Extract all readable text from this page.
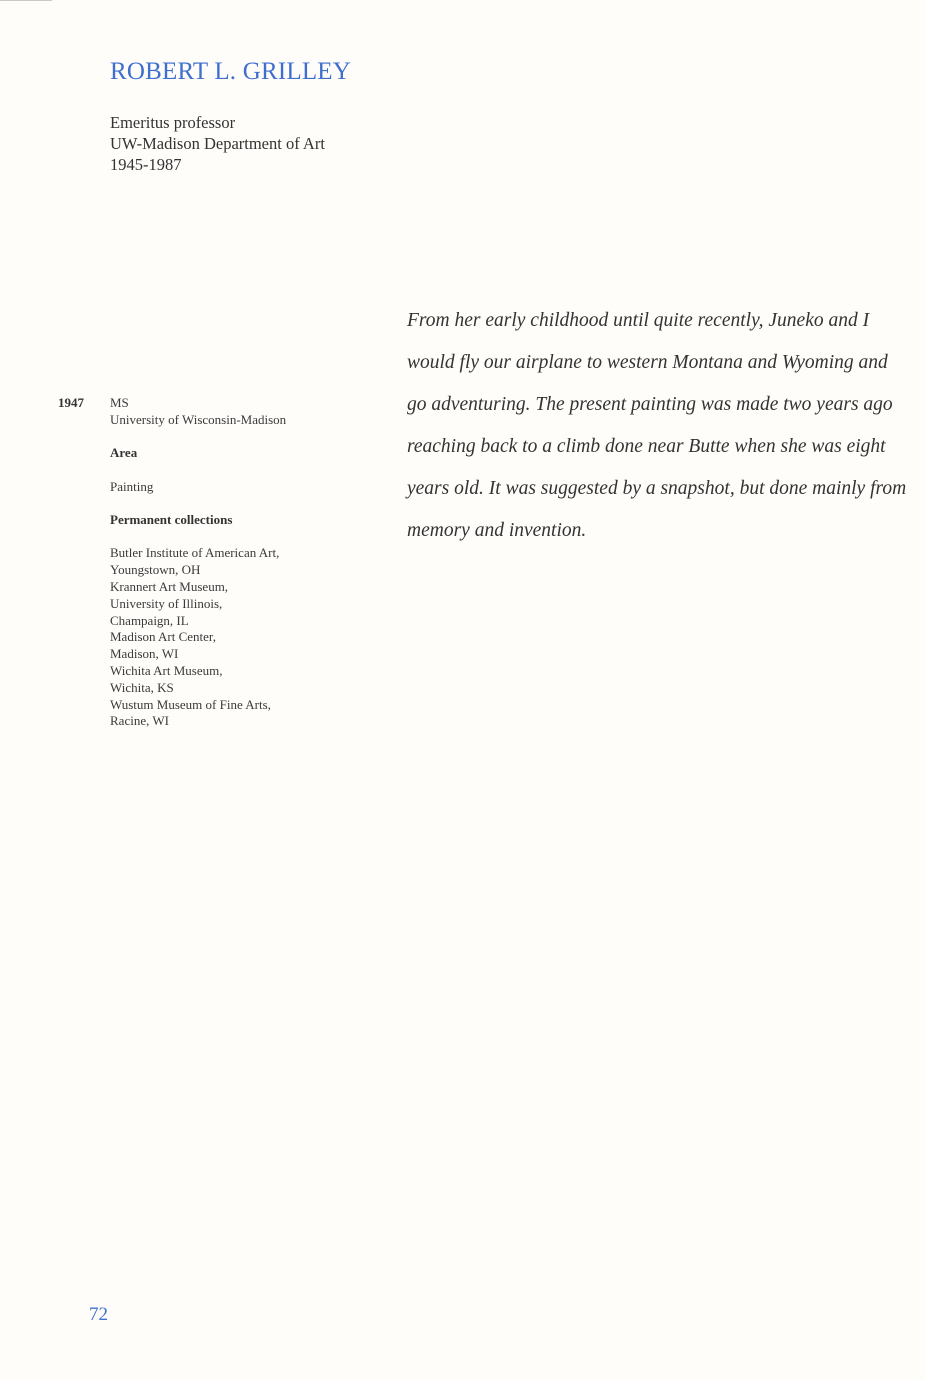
ROBERT L. GRILLEY
Emeritus professor
UW-Madison Department of Art
1945-1987
1947 MS
University of Wisconsin-Madison
Area
Painting
Permanent collections
Butler Institute of American Art,
Youngstown, OH
Krannert Art Museum,
University of Illinois,
Champaign, IL
Madison Art Center,
Madison, WI
Wichita Art Museum,
Wichita, KS
Wustum Museum of Fine Arts,
Racine, WI
From her early childhood until quite recently, Juneko and I
would fly our airplane to western Montana and Wyoming and
go adventuring. The present painting was made two years ago
reaching back to a climb done near Butte when she was eight
years old. It was suggested by a snapshot, but done mainly from
memory and invention.
72
